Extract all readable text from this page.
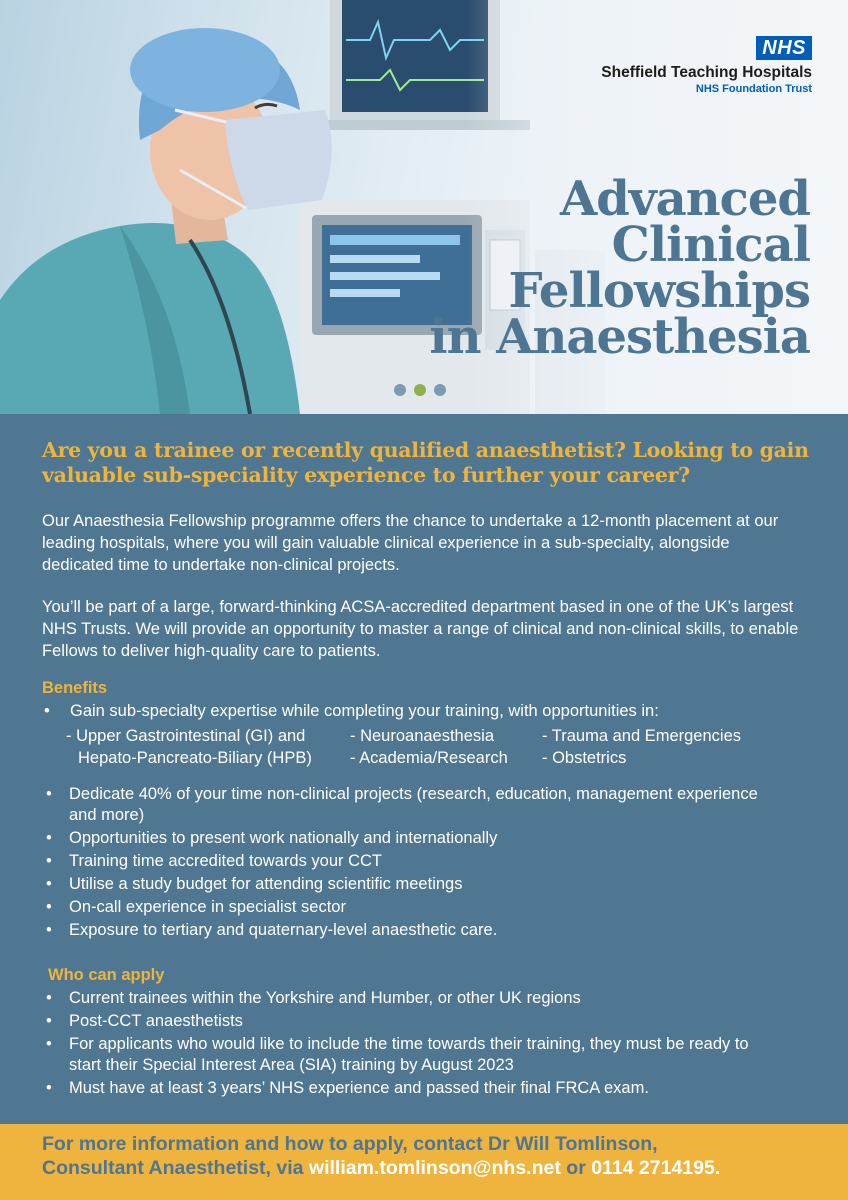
NHS
Sheffield Teaching Hospitals
NHS Foundation Trust
Advanced
Clinical
Fellowships
in Anaesthesia
Are you a trainee or recently qualified anaesthetist? Looking to gain valuable sub-speciality experience to further your career?

Our Anaesthesia Fellowship programme offers the chance to undertake a 12-month placement at our leading hospitals, where you will gain valuable clinical experience in a sub-specialty, alongside dedicated time to undertake non-clinical projects.

You’ll be part of a large, forward-thinking ACSA-accredited department based in one of the UK’s largest NHS Trusts. We will provide an opportunity to master a range of clinical and non-clinical skills, to enable Fellows to deliver high-quality care to patients.

Benefits
• Gain sub-specialty expertise while completing your training, with opportunities in:
- Upper Gastrointestinal (GI) and
Hepato-Pancreato-Biliary (HPB)
- Neuroanaesthesia
- Academia/Research
- Trauma and Emergencies
- Obstetrics
• Dedicate 40% of your time non-clinical projects (research, education, management experience and more)
• Opportunities to present work nationally and internationally
• Training time accredited towards your CCT
• Utilise a study budget for attending scientific meetings
• On-call experience in specialist sector
• Exposure to tertiary and quaternary-level anaesthetic care.
Who can apply
• Current trainees within the Yorkshire and Humber, or other UK regions
• Post-CCT anaesthetists
• For applicants who would like to include the time towards their training, they must be ready to start their Special Interest Area (SIA) training by August 2023
• Must have at least 3 years’ NHS experience and passed their final FRCA exam.
For more information and how to apply, contact Dr Will Tomlinson,
Consultant Anaesthetist, via william.tomlinson@nhs.net or 0114 2714195.
